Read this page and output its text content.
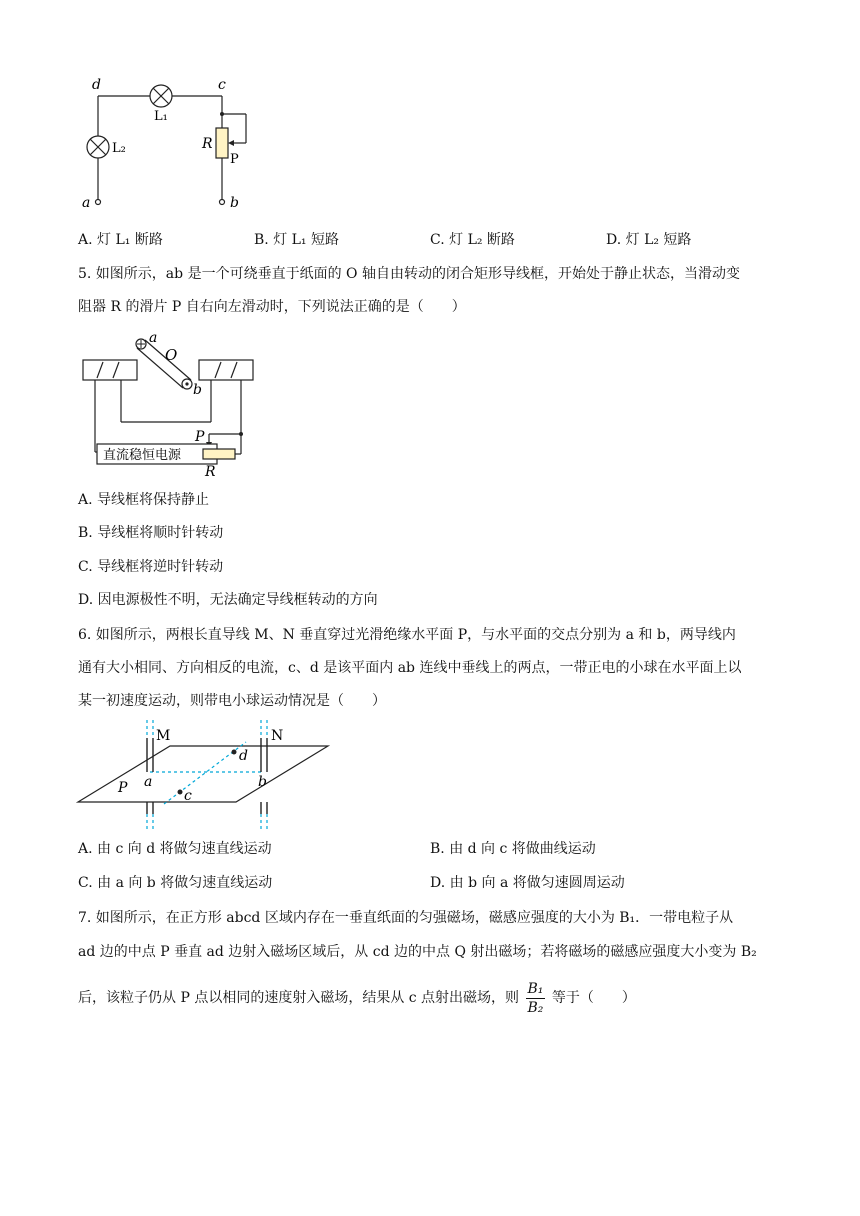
d	c
L₁
L₂	R
P
a	b
A. 灯 L₁ 断路	B. 灯 L₁ 短路	C. 灯 L₂ 断路	D. 灯 L₂ 短路
5. 如图所示，ab 是一个可绕垂直于纸面的 O 轴自由转动的闭合矩形导线框，开始处于静止状态，当滑动变
阻器 R 的滑片 P 自右向左滑动时，下列说法正确的是（　　）
直流稳恒电源
a
O
b
P
R
A. 导线框将保持静止
B. 导线框将顺时针转动
C. 导线框将逆时针转动
D. 因电源极性不明，无法确定导线框转动的方向
6. 如图所示，两根长直导线 M、N 垂直穿过光滑绝缘水平面 P，与水平面的交点分别为 a 和 b，两导线内
通有大小相同、方向相反的电流，c、d 是该平面内 ab 连线中垂线上的两点，一带正电的小球在水平面上以
某一初速度运动，则带电小球运动情况是（　　）
M	N
a	b
d
c
P
A. 由 c 向 d 将做匀速直线运动	B. 由 d 向 c 将做曲线运动
C. 由 a 向 b 将做匀速直线运动	D. 由 b 向 a 将做匀速圆周运动
7. 如图所示，在正方形 abcd 区域内存在一垂直纸面的匀强磁场，磁感应强度的大小为 B₁．一带电粒子从
ad 边的中点 P 垂直 ad 边射入磁场区域后，从 cd 边的中点 Q 射出磁场；若将磁场的磁感应强度大小变为 B₂
后，该粒子仍从 P 点以相同的速度射入磁场，结果从 c 点射出磁场，则 $\frac{\text{B₁}}{\text{B₂}}$ 等于（　　）
